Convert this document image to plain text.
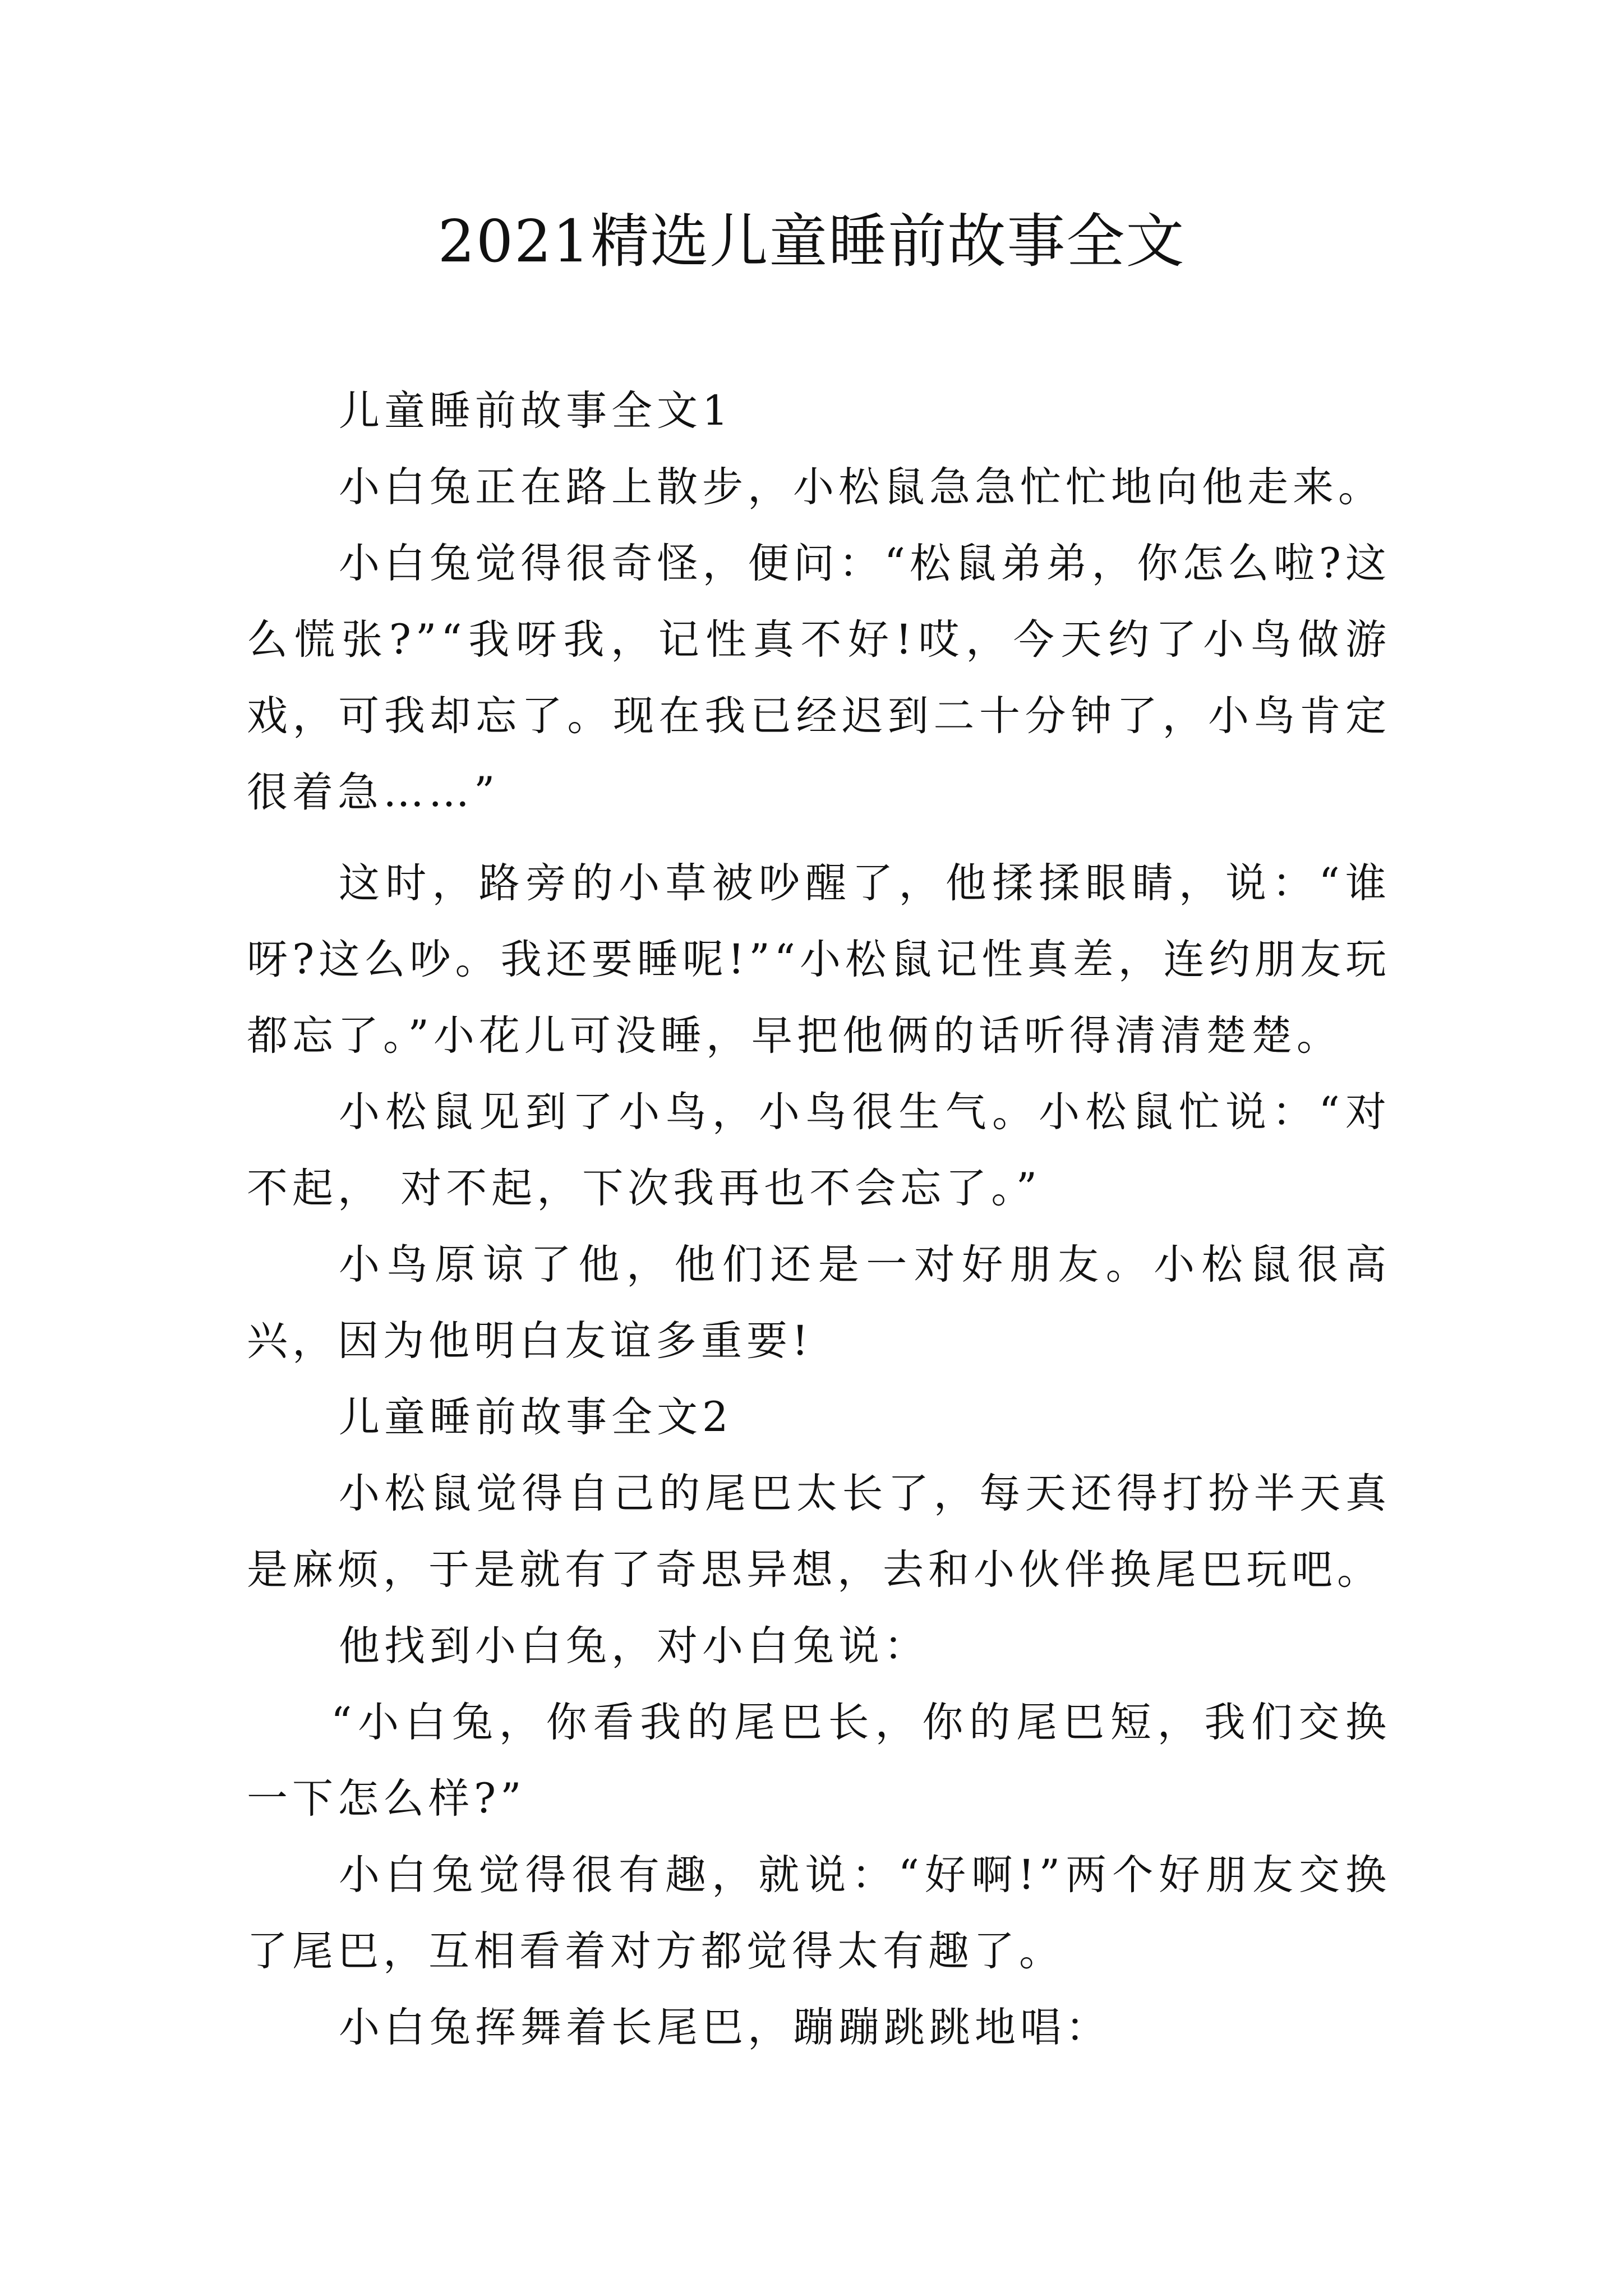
2021精选儿童睡前故事全文

儿童睡前故事全文1

小白兔正在路上散步，小松鼠急急忙忙地向他走来。

小白兔觉得很奇怪，便问：“松鼠弟弟，你怎么啦?这么慌张?”“我呀我，记性真不好!哎，今天约了小鸟做游戏，可我却忘了。现在我已经迟到二十分钟了，小鸟肯定很着急……”

这时，路旁的小草被吵醒了，他揉揉眼睛，说：“谁呀?这么吵。我还要睡呢!”“小松鼠记性真差，连约朋友玩都忘了。”小花儿可没睡，早把他俩的话听得清清楚楚。

小松鼠见到了小鸟，小鸟很生气。小松鼠忙说：“对不起， 对不起，下次我再也不会忘了。”

小鸟原谅了他，他们还是一对好朋友。小松鼠很高兴，因为他明白友谊多重要!

儿童睡前故事全文2

小松鼠觉得自己的尾巴太长了，每天还得打扮半天真是麻烦，于是就有了奇思异想，去和小伙伴换尾巴玩吧。

他找到小白兔，对小白兔说：

“小白兔，你看我的尾巴长，你的尾巴短，我们交换一下怎么样?”

小白兔觉得很有趣，就说：“好啊!”两个好朋友交换了尾巴，互相看着对方都觉得太有趣了。

小白兔挥舞着长尾巴，蹦蹦跳跳地唱：
